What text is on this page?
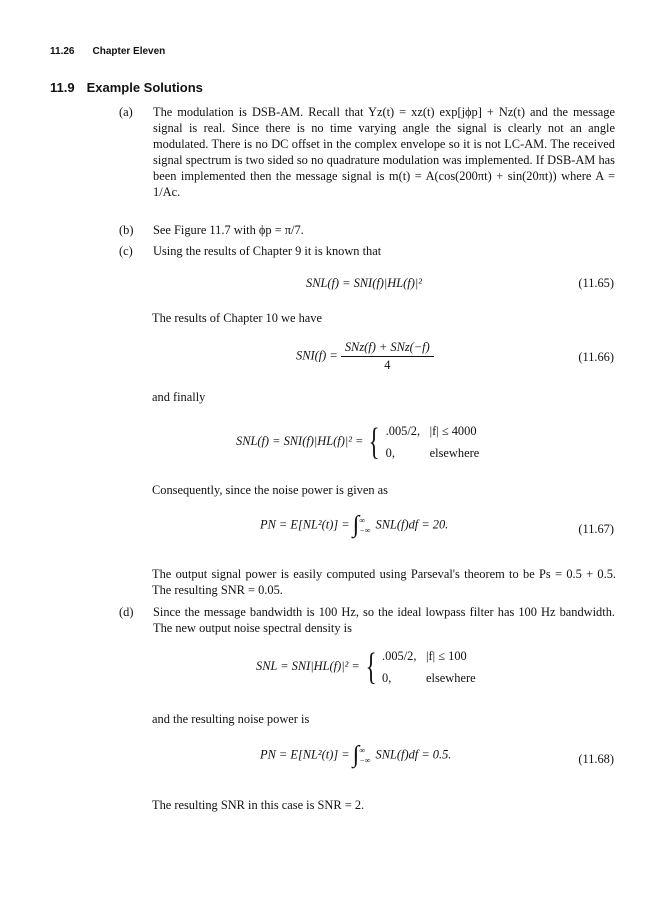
11.26 Chapter Eleven
11.9 Example Solutions
(a) The modulation is DSB-AM. Recall that Yz(t) = xz(t) exp[jϕp] + Nz(t) and the message signal is real. Since there is no time varying angle the signal is clearly not an angle modulated. There is no DC offset in the complex envelope so it is not LC-AM. The received signal spectrum is two sided so no quadrature modulation was implemented. If DSB-AM has been implemented then the message signal is m(t) = A(cos(200πt) + sin(20πt)) where A = 1/Ac.
(b) See Figure 11.7 with ϕp = π/7.
(c) Using the results of Chapter 9 it is known that
SNL(f) = SNI(f)|HL(f)|²	(11.65)
The results of Chapter 10 we have
$SNI(f) = \frac{\text{SNz(f) + SNz(−f)}}{4}$	(11.66)
and finally
SNL(f) = SNI(f)|HL(f)|² = { .005/2, |f| ≤ 4000
0,	elsewhere
Consequently, since the noise power is given as
PN = E[NL²(t)] = ∫ ∞
−∞ SNL(f)df = 20.	(11.67)
The output signal power is easily computed using Parseval's theorem to be Ps = 0.5 + 0.5. The resulting SNR = 0.05.
(d) Since the message bandwidth is 100 Hz, so the ideal lowpass filter has 100 Hz bandwidth. The new output noise spectral density is
SNL = SNI|HL(f)|² = { .005/2, |f| ≤ 100
0,	elsewhere
and the resulting noise power is
PN = E[NL²(t)] = ∫ ∞
−∞ SNL(f)df = 0.5.	(11.68)
The resulting SNR in this case is SNR = 2.
